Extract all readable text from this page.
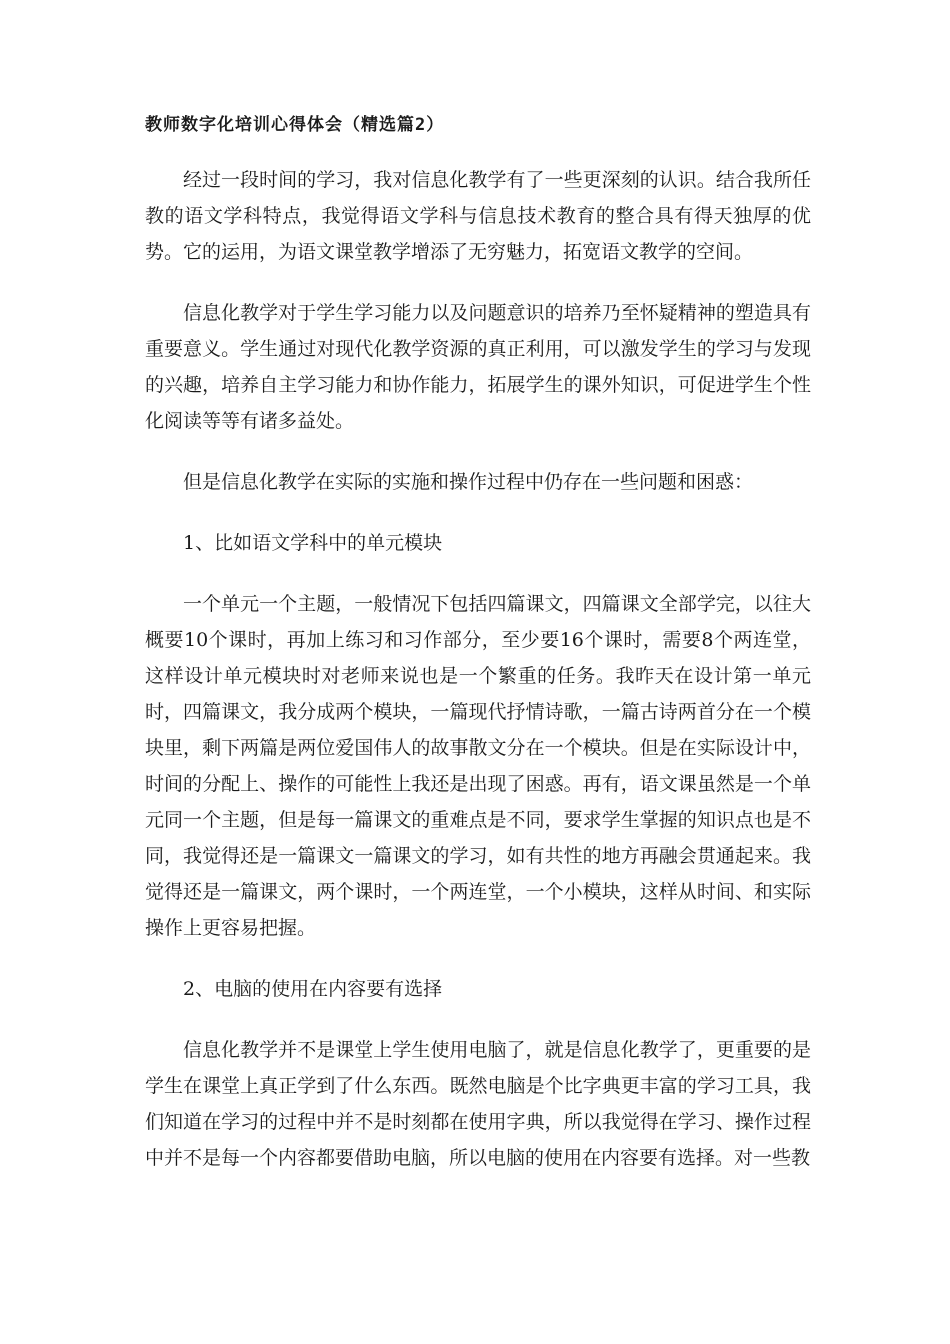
教师数字化培训心得体会（精选篇2）

经过一段时间的学习，我对信息化教学有了一些更深刻的认识。结合我所任教的语文学科特点，我觉得语文学科与信息技术教育的整合具有得天独厚的优势。它的运用，为语文课堂教学增添了无穷魅力，拓宽语文教学的空间。

信息化教学对于学生学习能力以及问题意识的培养乃至怀疑精神的塑造具有重要意义。学生通过对现代化教学资源的真正利用，可以激发学生的学习与发现的兴趣，培养自主学习能力和协作能力，拓展学生的课外知识，可促进学生个性化阅读等等有诸多益处。

但是信息化教学在实际的实施和操作过程中仍存在一些问题和困惑：

1、比如语文学科中的单元模块

一个单元一个主题，一般情况下包括四篇课文，四篇课文全部学完，以往大概要10个课时，再加上练习和习作部分，至少要16个课时，需要8个两连堂，这样设计单元模块时对老师来说也是一个繁重的任务。我昨天在设计第一单元时，四篇课文，我分成两个模块，一篇现代抒情诗歌，一篇古诗两首分在一个模块里，剩下两篇是两位爱国伟人的故事散文分在一个模块。但是在实际设计中，时间的分配上、操作的可能性上我还是出现了困惑。再有，语文课虽然是一个单元同一个主题，但是每一篇课文的重难点是不同，要求学生掌握的知识点也是不同，我觉得还是一篇课文一篇课文的学习，如有共性的地方再融会贯通起来。我觉得还是一篇课文，两个课时，一个两连堂，一个小模块，这样从时间、和实际操作上更容易把握。

2、电脑的使用在内容要有选择

信息化教学并不是课堂上学生使用电脑了，就是信息化教学了，更重要的是学生在课堂上真正学到了什么东西。既然电脑是个比字典更丰富的学习工具，我们知道在学习的过程中并不是时刻都在使用字典，所以我觉得在学习、操作过程中并不是每一个内容都要借助电脑，所以电脑的使用在内容要有选择。对一些教
